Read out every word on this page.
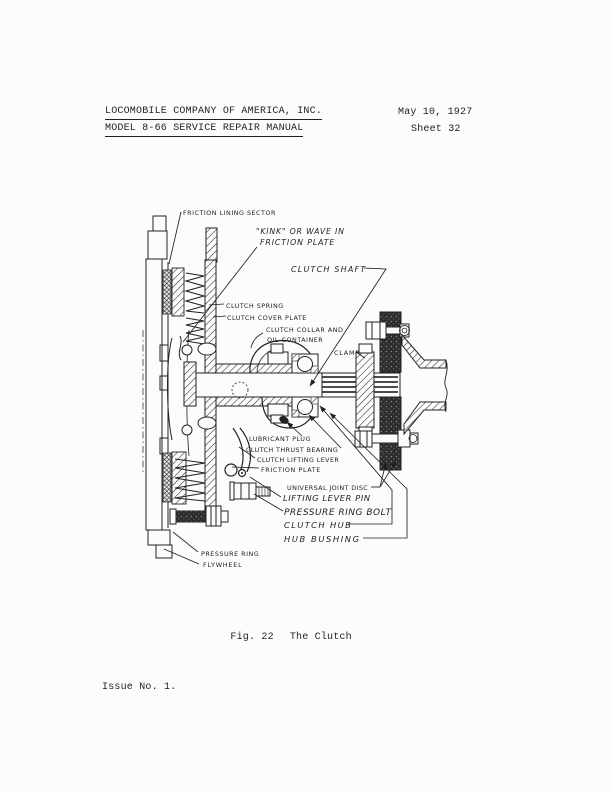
LOCOMOBILE COMPANY OF AMERICA, INC.
MODEL 8-66 SERVICE REPAIR MANUAL
May 10, 1927
Sheet 32

Fig. 22 The Clutch

Issue No. 1.
FRICTION LINING SECTOR
"KINK" OR WAVE IN
FRICTION PLATE
CLUTCH SHAFT
CLUTCH SPRING
CLUTCH COVER PLATE
CLUTCH COLLAR AND
OIL CONTAINER
CLAMP
LUBRICANT PLUG
CLUTCH THRUST BEARING
CLUTCH LIFTING LEVER
FRICTION PLATE
UNIVERSAL JOINT DISC
LIFTING LEVER PIN
PRESSURE RING BOLT
CLUTCH HUB
HUB BUSHING
PRESSURE RING
FLYWHEEL
